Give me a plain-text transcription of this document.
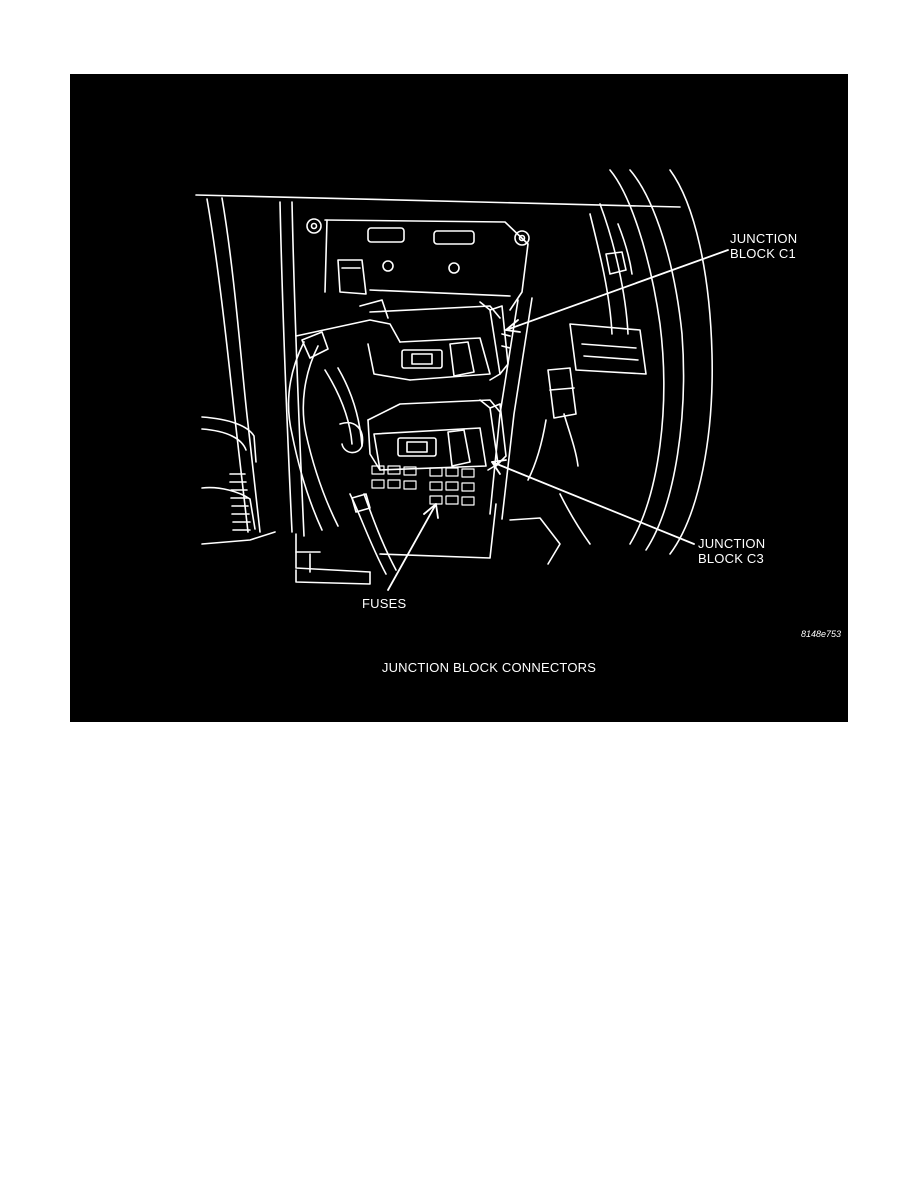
JUNCTION
BLOCK C1
JUNCTION
BLOCK C3
FUSES
8148e753
JUNCTION BLOCK CONNECTORS
